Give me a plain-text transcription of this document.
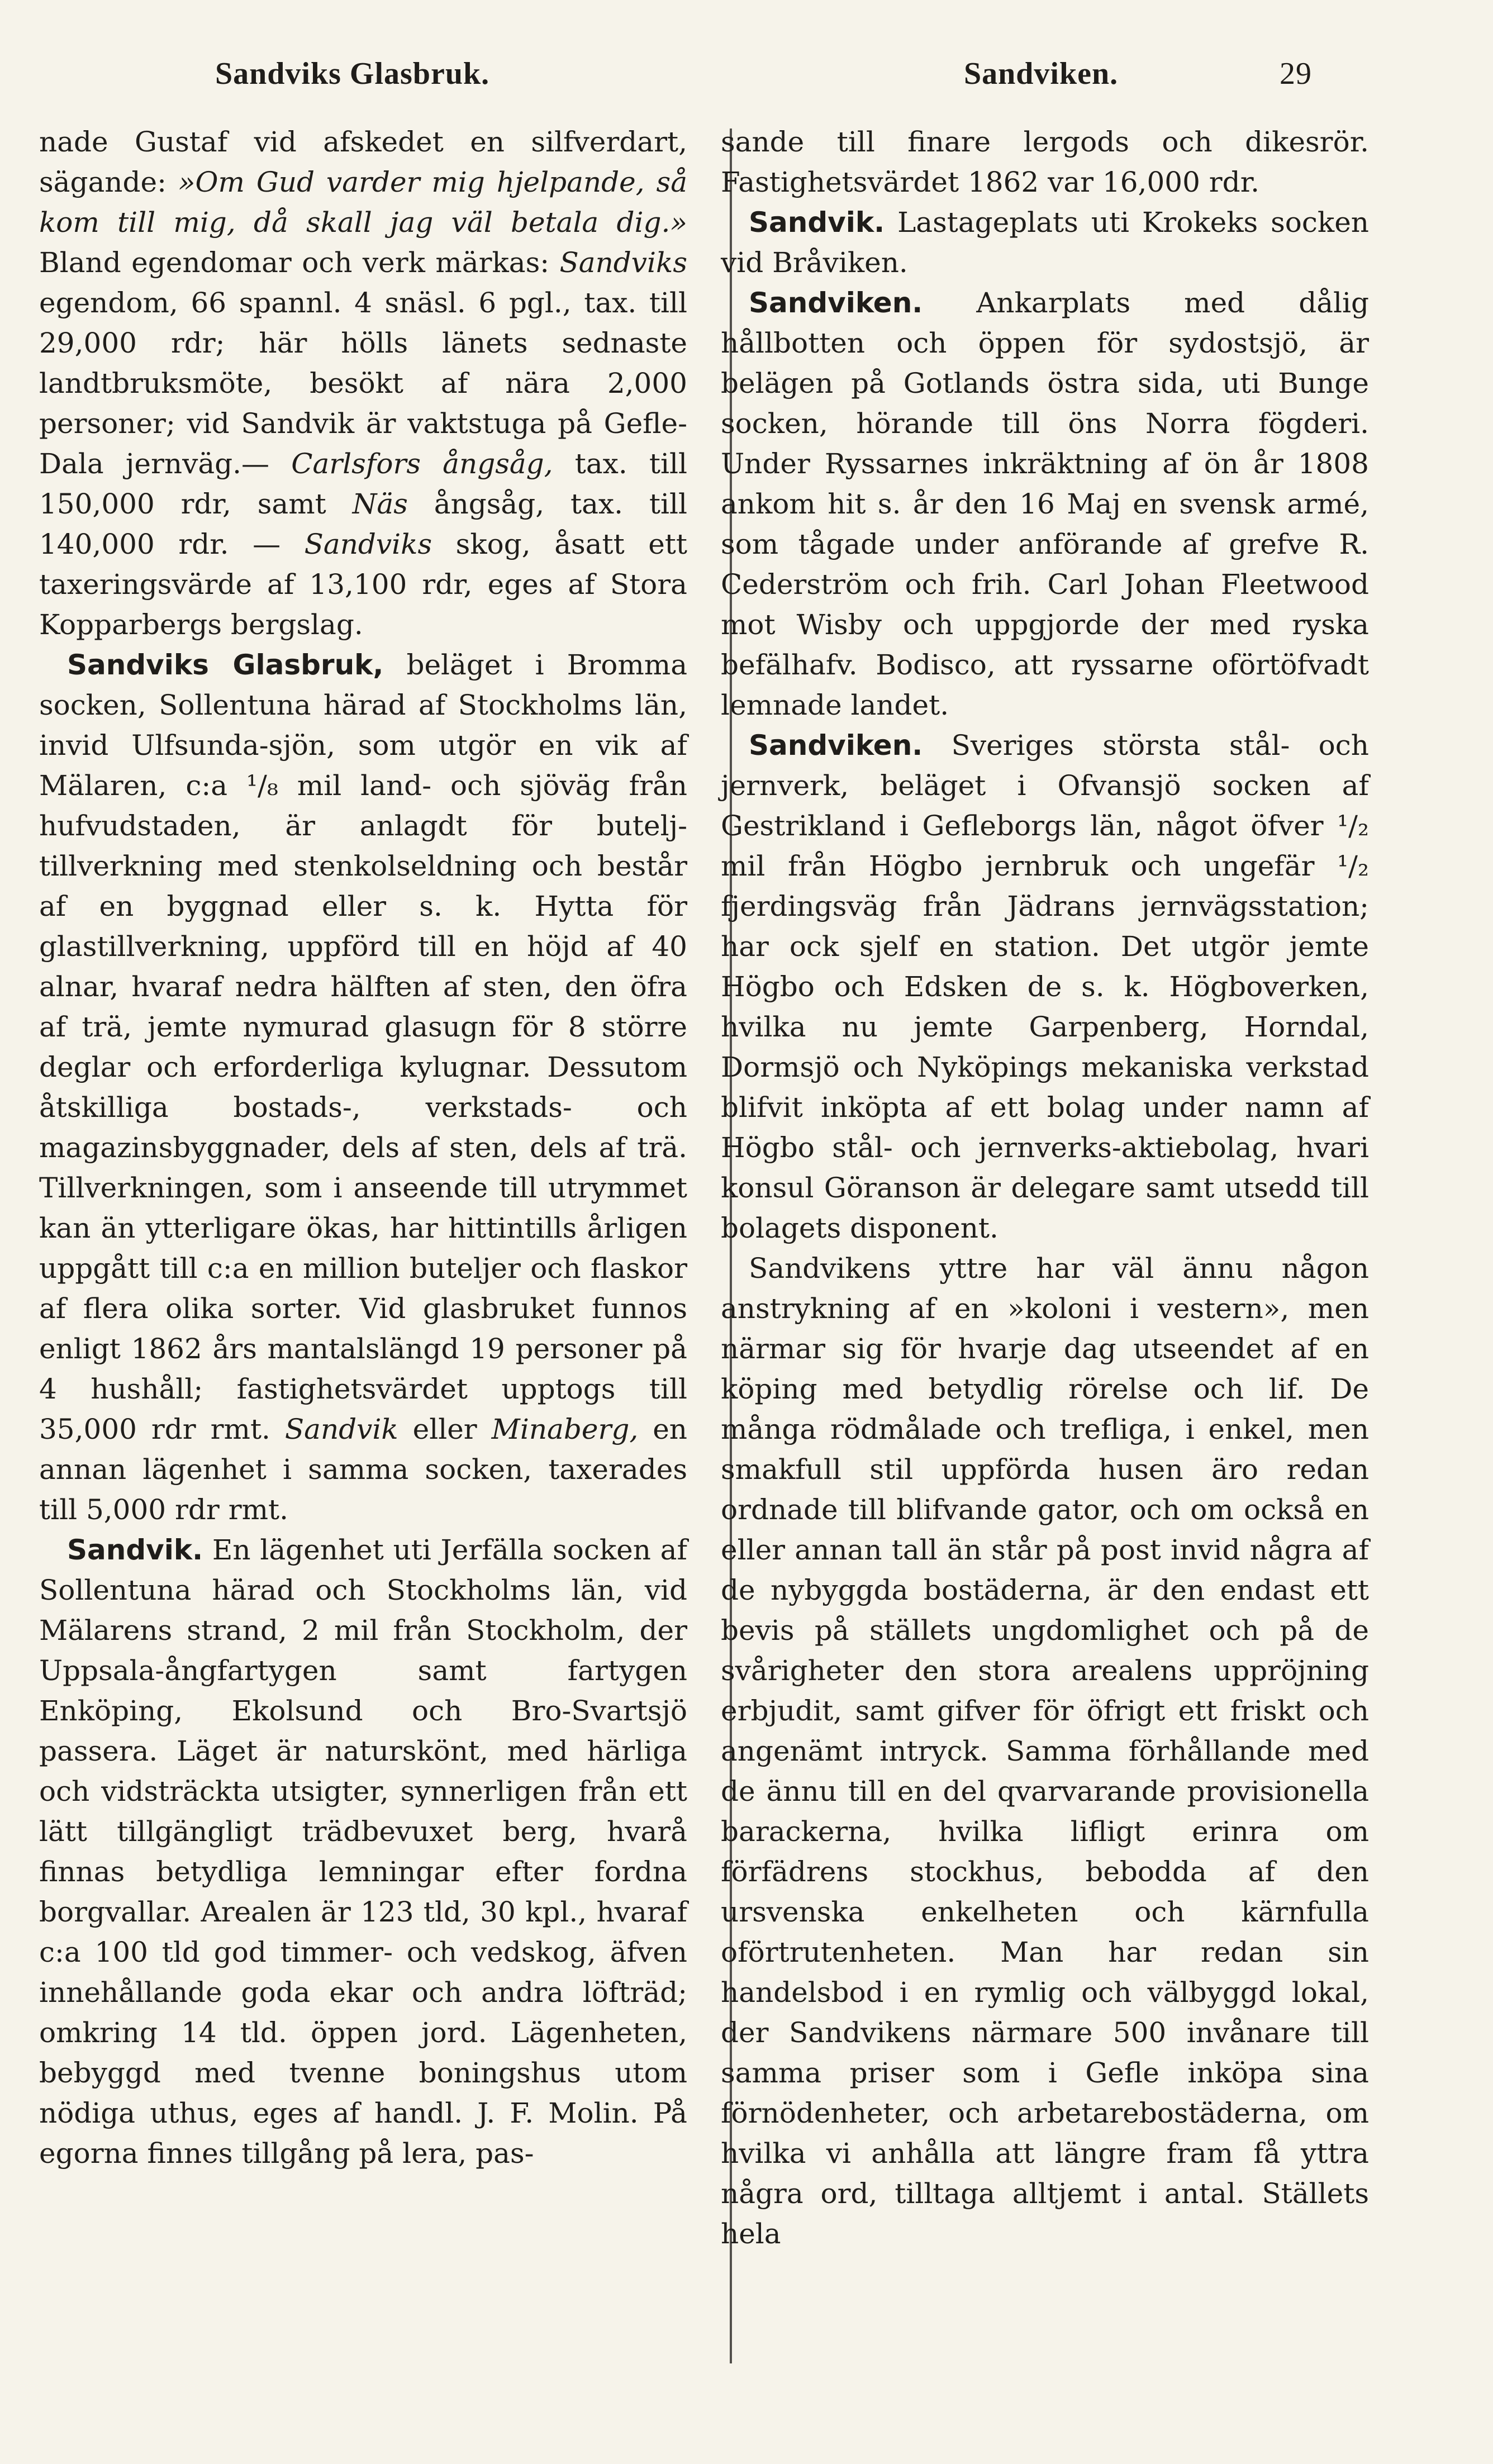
Sandviks Glasbruk.	Sandviken.	29

nade Gustaf vid afskedet en silfverdart, sägande: »Om Gud varder mig hjelpande, så kom till mig, då skall jag väl betala dig.» Bland egendomar och verk märkas: Sandviks egendom, 66 spannl. 4 snäsl. 6 pgl., tax. till 29,000 rdr; här hölls länets sednaste landtbruksmöte, besökt af nära 2,000 personer; vid Sandvik är vaktstuga på Gefle-Dala jernväg.— Carlsfors ångsåg, tax. till 150,000 rdr, samt Näs ångsåg, tax. till 140,000 rdr. — Sandviks skog, åsatt ett taxeringsvärde af 13,100 rdr, eges af Stora Kopparbergs bergslag.

Sandviks Glasbruk, beläget i Bromma socken, Sollentuna härad af Stockholms län, invid Ulfsunda-sjön, som utgör en vik af Mälaren, c:a ¹/₈ mil land- och sjöväg från hufvudstaden, är anlagdt för butelj-tillverkning med stenkolseldning och består af en byggnad eller s. k. Hytta för glastillverkning, uppförd till en höjd af 40 alnar, hvaraf nedra hälften af sten, den öfra af trä, jemte nymurad glasugn för 8 större deglar och erforderliga kylugnar. Dessutom åtskilliga bostads-, verkstads- och magazinsbyggnader, dels af sten, dels af trä. Tillverkningen, som i anseende till utrymmet kan än ytterligare ökas, har hittintills årligen uppgått till c:a en million buteljer och flaskor af flera olika sorter. Vid glasbruket funnos enligt 1862 års mantalslängd 19 personer på 4 hushåll; fastighetsvärdet upptogs till 35,000 rdr rmt. Sandvik eller Minaberg, en annan lägenhet i samma socken, taxerades till 5,000 rdr rmt.

Sandvik. En lägenhet uti Jerfälla socken af Sollentuna härad och Stockholms län, vid Mälarens strand, 2 mil från Stockholm, der Uppsala-ångfartygen samt fartygen Enköping, Ekolsund och Bro-Svartsjö passera. Läget är naturskönt, med härliga och vidsträckta utsigter, synnerligen från ett lätt tillgängligt trädbevuxet berg, hvarå finnas betydliga lemningar efter fordna borgvallar. Arealen är 123 tld, 30 kpl., hvaraf c:a 100 tld god timmer- och vedskog, äfven innehållande goda ekar och andra löfträd; omkring 14 tld. öppen jord. Lägenheten, bebyggd med tvenne boningshus utom nödiga uthus, eges af handl. J. F. Molin. På egorna finnes tillgång på lera, pas-

sande till finare lergods och dikesrör. Fastighetsvärdet 1862 var 16,000 rdr.

Sandvik. Lastageplats uti Krokeks socken vid Bråviken.

Sandviken. Ankarplats med dålig hållbotten och öppen för sydostsjö, är belägen på Gotlands östra sida, uti Bunge socken, hörande till öns Norra fögderi. Under Ryssarnes inkräktning af ön år 1808 ankom hit s. år den 16 Maj en svensk armé, som tågade under anförande af grefve R. Cederström och frih. Carl Johan Fleetwood mot Wisby och uppgjorde der med ryska befälhafv. Bodisco, att ryssarne oförtöfvadt lemnade landet.

Sandviken. Sveriges största stål- och jernverk, beläget i Ofvansjö socken af Gestrikland i Gefleborgs län, något öfver ¹/₂ mil från Högbo jernbruk och ungefär ¹/₂ fjerdingsväg från Jädrans jernvägsstation; har ock sjelf en station. Det utgör jemte Högbo och Edsken de s. k. Högboverken, hvilka nu jemte Garpenberg, Horndal, Dormsjö och Nyköpings mekaniska verkstad blifvit inköpta af ett bolag under namn af Högbo stål- och jernverks-aktiebolag, hvari konsul Göranson är delegare samt utsedd till bolagets disponent.

Sandvikens yttre har väl ännu någon anstrykning af en »koloni i vestern», men närmar sig för hvarje dag utseendet af en köping med betydlig rörelse och lif. De många rödmålade och trefliga, i enkel, men smakfull stil uppförda husen äro redan ordnade till blifvande gator, och om också en eller annan tall än står på post invid några af de nybyggda bostäderna, är den endast ett bevis på ställets ungdomlighet och på de svårigheter den stora arealens uppröjning erbjudit, samt gifver för öfrigt ett friskt och angenämt intryck. Samma förhållande med de ännu till en del qvarvarande provisionella barackerna, hvilka lifligt erinra om förfädrens stockhus, bebodda af den ursvenska enkelheten och kärnfulla oförtrutenheten. Man har redan sin handelsbod i en rymlig och välbyggd lokal, der Sandvikens närmare 500 invånare till samma priser som i Gefle inköpa sina förnödenheter, och arbetarebostäderna, om hvilka vi anhålla att längre fram få yttra några ord, tilltaga alltjemt i antal. Ställets hela
